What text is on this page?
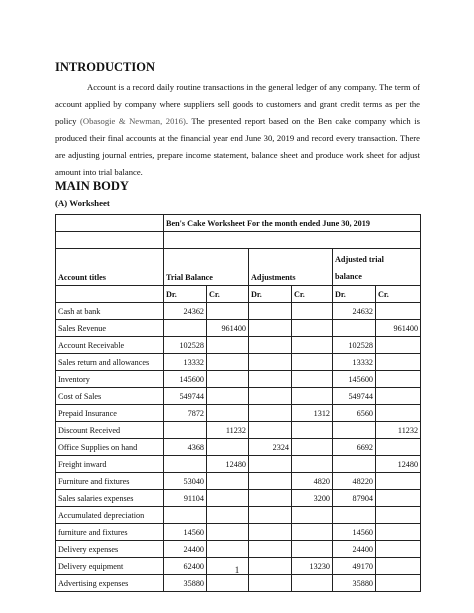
INTRODUCTION
Account is a record daily routine transactions in the general ledger of any company. The term of account applied by company where suppliers sell goods to customers and grant credit terms as per the policy (Obasogie & Newman, 2016). The presented report based on the Ben cake company which is produced their final accounts at the financial year end June 30, 2019 and record every transaction. There are adjusting journal entries, prepare income statement, balance sheet and produce work sheet for adjust amount into trial balance.
MAIN BODY
(A) Worksheet
	Ben's Cake Worksheet For the month ended June 30, 2019					

Account titles	Trial Balance		Adjustments		Adjusted trial
balance	
	Dr.	Cr.	Dr.	Cr.	Dr.	Cr.
Cash at bank	24362				24632	
Sales Revenue		961400				961400
Account Receivable	102528				102528	
Sales return and allowances	13332				13332	
Inventory	145600				145600	
Cost of Sales	549744				549744	
Prepaid Insurance	7872			1312	6560	
Discount Received		11232				11232
Office Supplies on hand	4368		2324		6692	
Freight inward		12480				12480
Furniture and fixtures	53040			4820	48220	
Sales salaries expenses	91104			3200	87904	
Accumulated depreciation						
furniture and fixtures	14560				14560	
Delivery expenses	24400				24400	
Delivery equipment	62400			13230	49170	
Advertising expenses	35880				35880	
1
